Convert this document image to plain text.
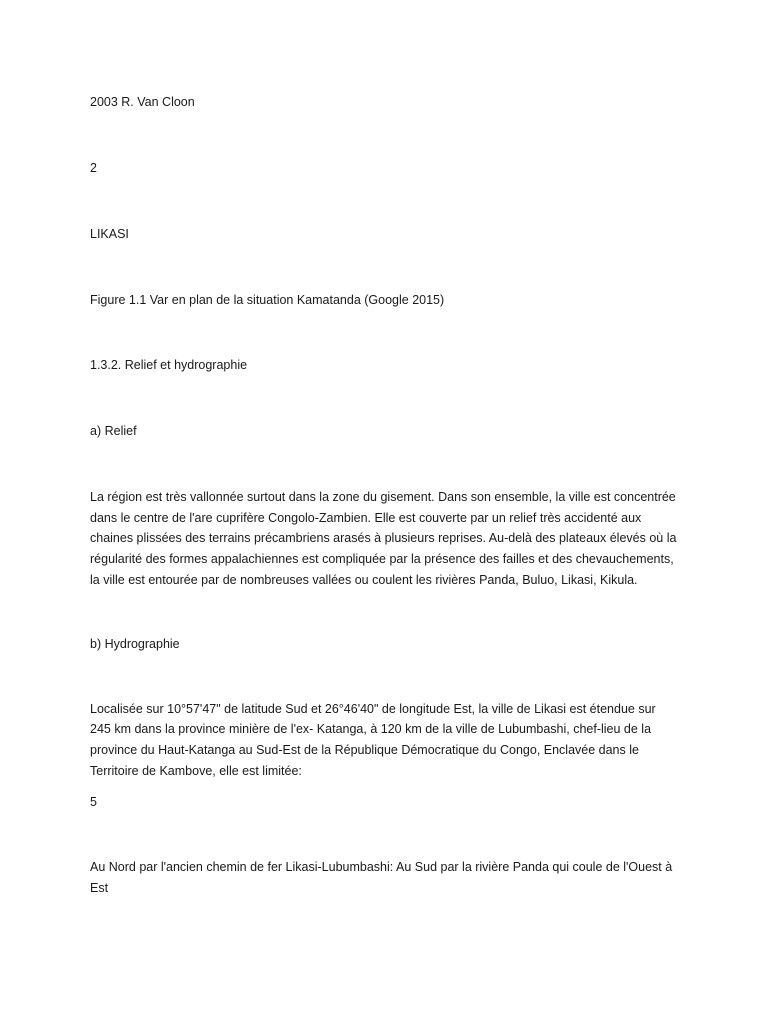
2003 R. Van Cloon

2

LIKASI

Figure 1.1 Var en plan de la situation Kamatanda (Google 2015)

1.3.2. Relief et hydrographie

a) Relief

La région est très vallonnée surtout dans la zone du gisement. Dans son ensemble, la ville est concentrée

dans le centre de l'are cuprifère Congolo-Zambien. Elle est couverte par un relief très accidenté aux

chaines plissées des terrains précambriens arasés à plusieurs reprises. Au-delà des plateaux élevés où la

régularité des formes appalachiennes est compliquée par la présence des failles et des chevauchements,

la ville est entourée par de nombreuses vallées ou coulent les rivières Panda, Buluo, Likasi, Kikula.

b) Hydrographie

Localisée sur 10°57'47" de latitude Sud et 26°46'40" de longitude Est, la ville de Likasi est étendue sur

245 km dans la province minière de l'ex- Katanga, à 120 km de la ville de Lubumbashi, chef-lieu de la

province du Haut-Katanga au Sud-Est de la République Démocratique du Congo, Enclavée dans le

Territoire de Kambove, elle est limitée:

5

Au Nord par l'ancien chemin de fer Likasi-Lubumbashi: Au Sud par la rivière Panda qui coule de l'Ouest à

Est
